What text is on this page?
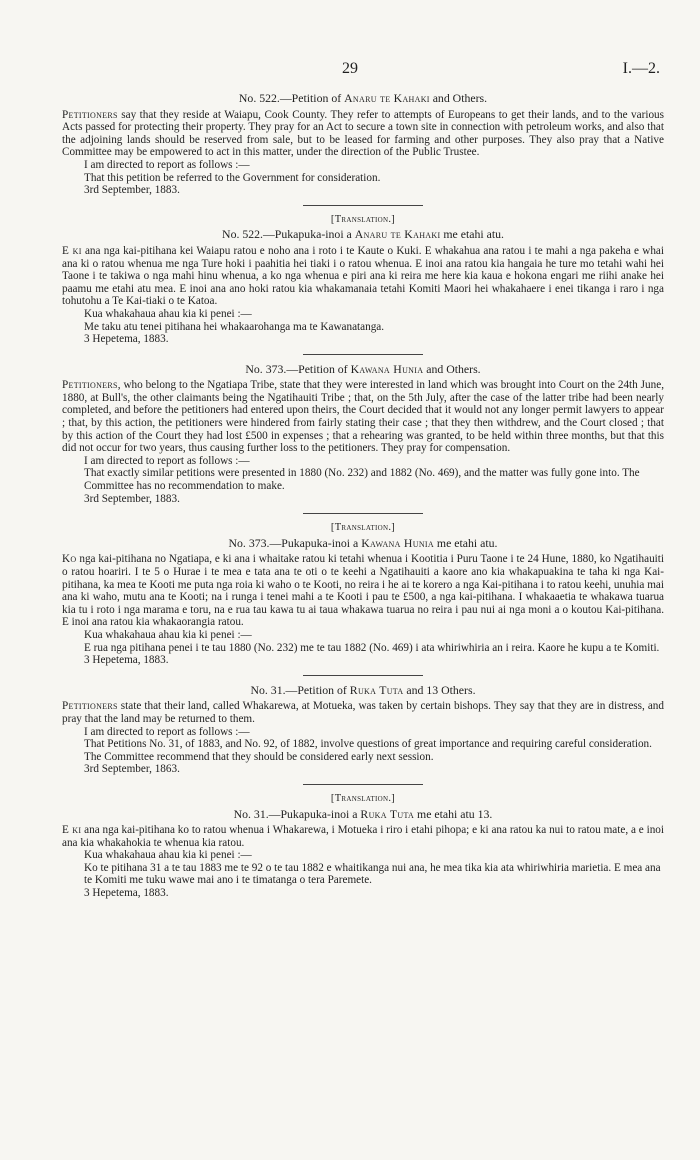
29	I.—2.

No. 522.—Petition of Anaru te Kahaki and Others.

Petitioners say that they reside at Waiapu, Cook County. They refer to attempts of Europeans to get their lands, and to the various Acts passed for protecting their property. They pray for an Act to secure a town site in connection with petroleum works, and also that the adjoining lands should be reserved from sale, but to be leased for farming and other purposes. They also pray that a Native Committee may be empowered to act in this matter, under the direction of the Public Trustee.

I am directed to report as follows :—

That this petition be referred to the Government for consideration.

3rd September, 1883.

[Translation.]

No. 522.—Pukapuka-inoi a Anaru te Kahaki me etahi atu.

E ki ana nga kai-pitihana kei Waiapu ratou e noho ana i roto i te Kaute o Kuki. E whakahua ana ratou i te mahi a nga pakeha e whai ana ki o ratou whenua me nga Ture hoki i paahitia hei tiaki i o ratou whenua. E inoi ana ratou kia hangaia he ture mo tetahi wahi hei Taone i te takiwa o nga mahi hinu whenua, a ko nga whenua e piri ana ki reira me here kia kaua e hokona engari me riihi anake hei paamu me etahi atu mea. E inoi ana ano hoki ratou kia whakamanaia tetahi Komiti Maori hei whakahaere i enei tikanga i raro i nga tohutohu a Te Kai-tiaki o te Katoa.

Kua whakahaua ahau kia ki penei :—

Me taku atu tenei pitihana hei whakaarohanga ma te Kawanatanga.

3 Hepetema, 1883.

No. 373.—Petition of Kawana Hunia and Others.

Petitioners, who belong to the Ngatiapa Tribe, state that they were interested in land which was brought into Court on the 24th June, 1880, at Bull's, the other claimants being the Ngatihauiti Tribe ; that, on the 5th July, after the case of the latter tribe had been nearly completed, and before the petitioners had entered upon theirs, the Court decided that it would not any longer permit lawyers to appear ; that, by this action, the petitioners were hindered from fairly stating their case ; that they then withdrew, and the Court closed ; that by this action of the Court they had lost £500 in expenses ; that a rehearing was granted, to be held within three months, but that this did not occur for two years, thus causing further loss to the petitioners. They pray for compensation.

I am directed to report as follows :—

That exactly similar petitions were presented in 1880 (No. 232) and 1882 (No. 469), and the matter was fully gone into. The Committee has no recommendation to make.

3rd September, 1883.

[Translation.]

No. 373.—Pukapuka-inoi a Kawana Hunia me etahi atu.

Ko nga kai-pitihana no Ngatiapa, e ki ana i whaitake ratou ki tetahi whenua i Kootitia i Puru Taone i te 24 Hune, 1880, ko Ngatihauiti o ratou hoariri. I te 5 o Hurae i te mea e tata ana te oti o te keehi a Ngatihauiti a kaore ano kia whakapuakina te taha ki nga Kai-pitihana, ka mea te Kooti me puta nga roia ki waho o te Kooti, no reira i he ai te korero a nga Kai-pitihana i to ratou keehi, unuhia mai ana ki waho, mutu ana te Kooti; na i runga i tenei mahi a te Kooti i pau te £500, a nga kai-pitihana. I whakaaetia te whakawa tuarua kia tu i roto i nga marama e toru, na e rua tau kawa tu ai taua whakawa tuarua no reira i pau nui ai nga moni a o koutou Kai-pitihana. E inoi ana ratou kia whakaorangia ratou.

Kua whakahaua ahau kia ki penei :—

E rua nga pitihana penei i te tau 1880 (No. 232) me te tau 1882 (No. 469) i ata whiriwhiria an i reira. Kaore he kupu a te Komiti.

3 Hepetema, 1883.

No. 31.—Petition of Ruka Tuta and 13 Others.

Petitioners state that their land, called Whakarewa, at Motueka, was taken by certain bishops. They say that they are in distress, and pray that the land may be returned to them.

I am directed to report as follows :—

That Petitions No. 31, of 1883, and No. 92, of 1882, involve questions of great importance and requiring careful consideration. The Committee recommend that they should be considered early next session.

3rd September, 1863.

[Translation.]

No. 31.—Pukapuka-inoi a Ruka Tuta me etahi atu 13.

E ki ana nga kai-pitihana ko to ratou whenua i Whakarewa, i Motueka i riro i etahi pihopa; e ki ana ratou ka nui to ratou mate, a e inoi ana kia whakahokia te whenua kia ratou.

Kua whakahaua ahau kia ki penei :—

Ko te pitihana 31 a te tau 1883 me te 92 o te tau 1882 e whaitikanga nui ana, he mea tika kia ata whiriwhiria marietia. E mea ana te Komiti me tuku wawe mai ano i te timatanga o tera Paremete.

3 Hepetema, 1883.
